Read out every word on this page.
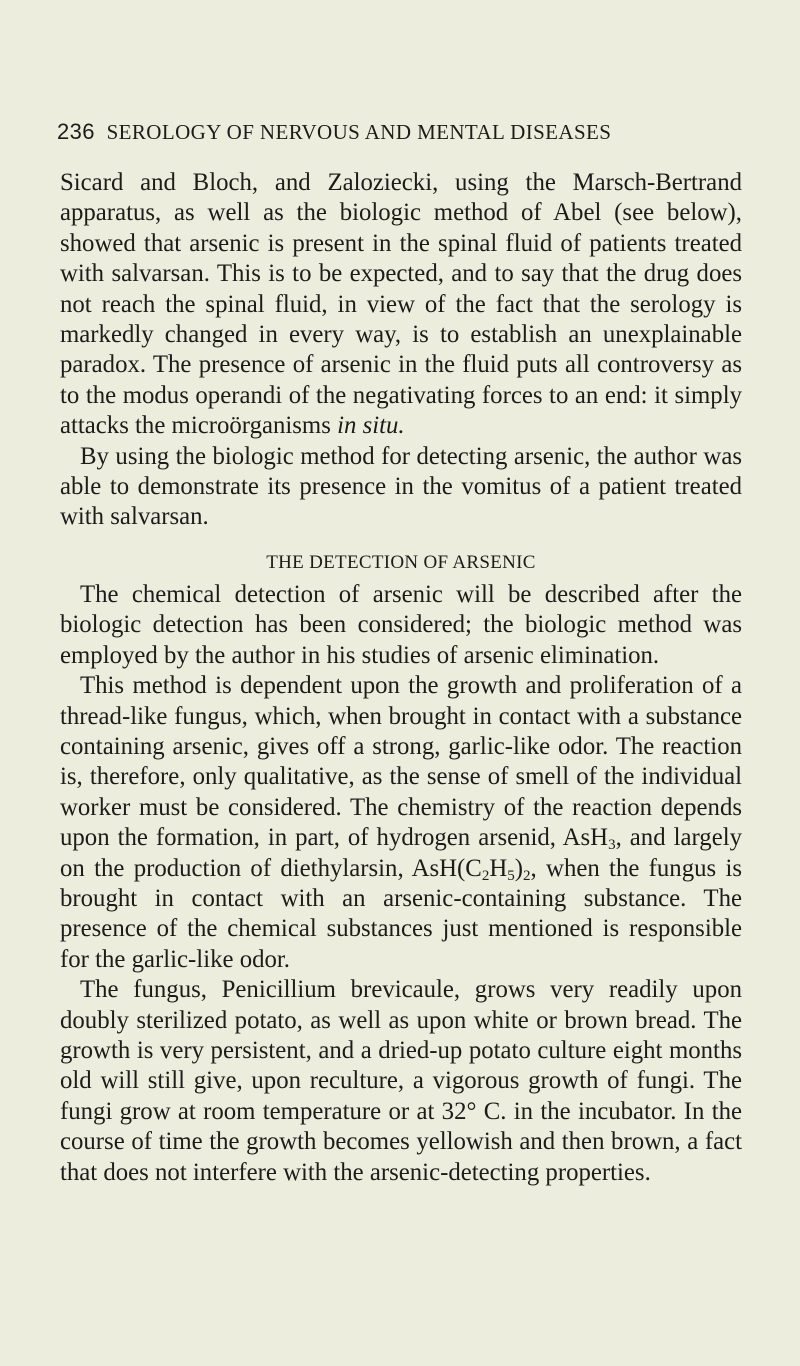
236 SEROLOGY OF NERVOUS AND MENTAL DISEASES

Sicard and Bloch, and Zaloziecki, using the Marsch-Bertrand apparatus, as well as the biologic method of Abel (see below), showed that arsenic is present in the spinal fluid of patients treated with salvarsan. This is to be expected, and to say that the drug does not reach the spinal fluid, in view of the fact that the serology is markedly changed in every way, is to establish an unexplainable paradox. The presence of arsenic in the fluid puts all controversy as to the modus operandi of the negativating forces to an end: it simply attacks the microörganisms in situ.

By using the biologic method for detecting arsenic, the author was able to demonstrate its presence in the vomitus of a patient treated with salvarsan.

THE DETECTION OF ARSENIC

The chemical detection of arsenic will be described after the biologic detection has been considered; the biologic method was employed by the author in his studies of arsenic elimination.

This method is dependent upon the growth and proliferation of a thread-like fungus, which, when brought in contact with a substance containing arsenic, gives off a strong, garlic-like odor. The reaction is, therefore, only qualitative, as the sense of smell of the individual worker must be considered. The chemistry of the reaction depends upon the formation, in part, of hydrogen arsenid, AsH$_3$, and largely on the production of diethylarsin, $AsH(C_2H_5)_2$, when the fungus is brought in contact with an arsenic-containing substance. The presence of the chemical substances just mentioned is responsible for the garlic-like odor.

The fungus, Penicillium brevicaule, grows very readily upon doubly sterilized potato, as well as upon white or brown bread. The growth is very persistent, and a dried-up potato culture eight months old will still give, upon reculture, a vigorous growth of fungi. The fungi grow at room temperature or at 32° C. in the incubator. In the course of time the growth becomes yellowish and then brown, a fact that does not interfere with the arsenic-detecting properties.
